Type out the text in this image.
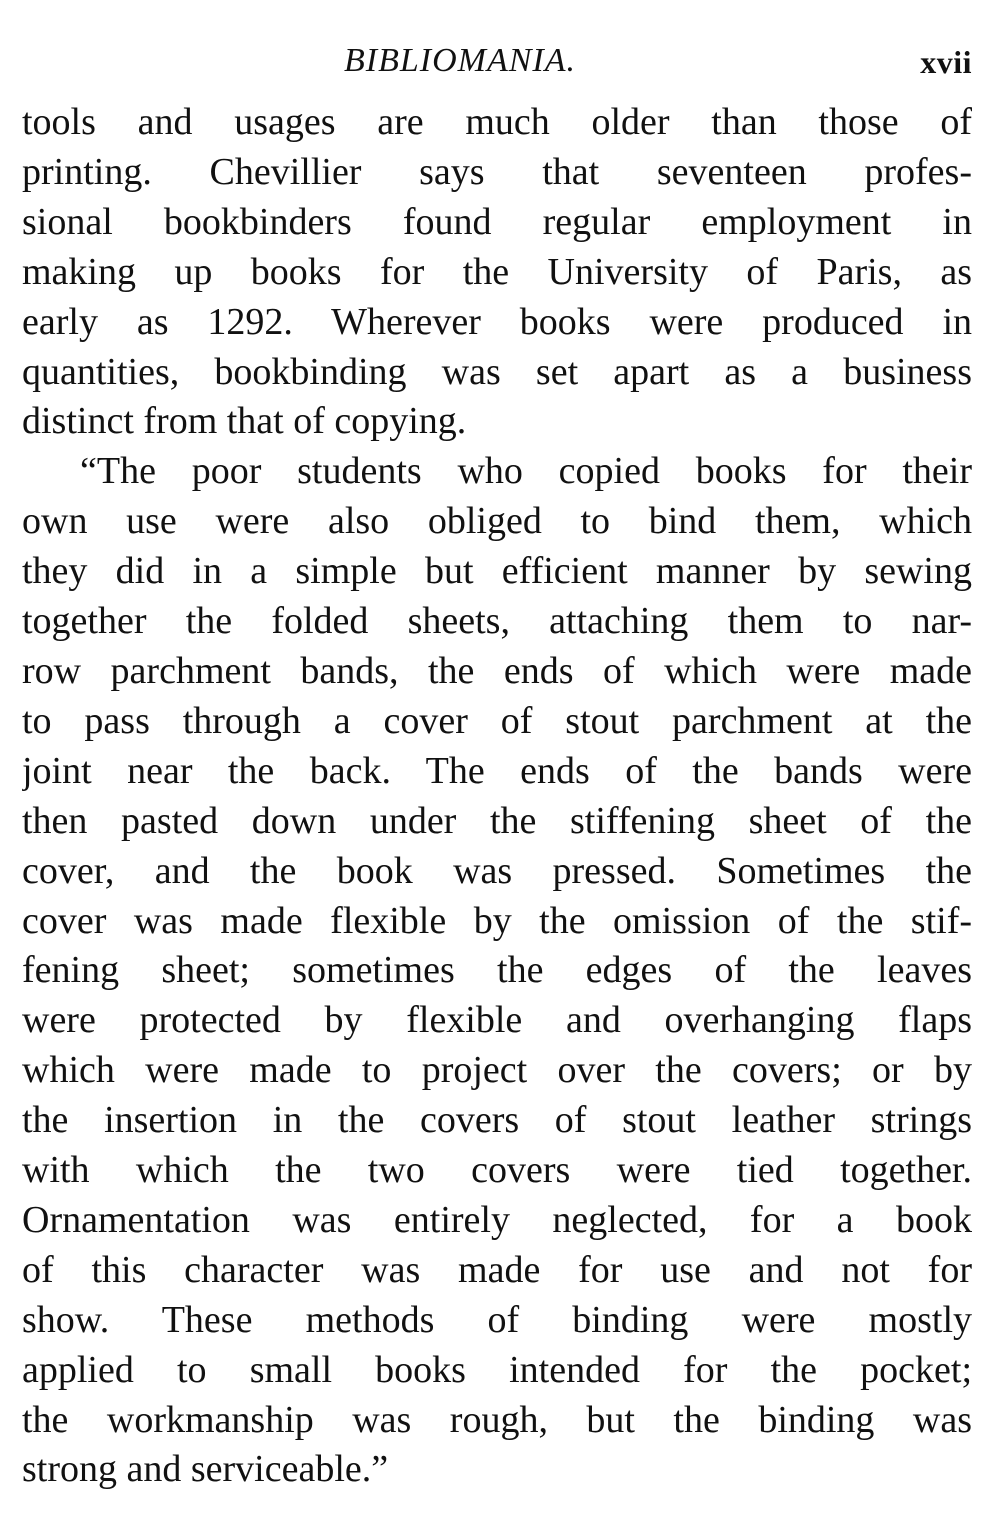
BIBLIOMANIA.	xvii
tools and usages are much older than those of
printing. Chevillier says that seventeen profes-
sional bookbinders found regular employment in
making up books for the University of Paris, as
early as 1292. Wherever books were produced in
quantities, bookbinding was set apart as a business
distinct from that of copying.
“The poor students who copied books for their
own use were also obliged to bind them, which
they did in a simple but efficient manner by sewing
together the folded sheets, attaching them to nar-
row parchment bands, the ends of which were made
to pass through a cover of stout parchment at the
joint near the back. The ends of the bands were
then pasted down under the stiffening sheet of the
cover, and the book was pressed. Sometimes the
cover was made flexible by the omission of the stif-
fening sheet; sometimes the edges of the leaves
were protected by flexible and overhanging flaps
which were made to project over the covers; or by
the insertion in the covers of stout leather strings
with which the two covers were tied together.
Ornamentation was entirely neglected, for a book
of this character was made for use and not for
show. These methods of binding were mostly
applied to small books intended for the pocket;
the workmanship was rough, but the binding was
strong and serviceable.”
